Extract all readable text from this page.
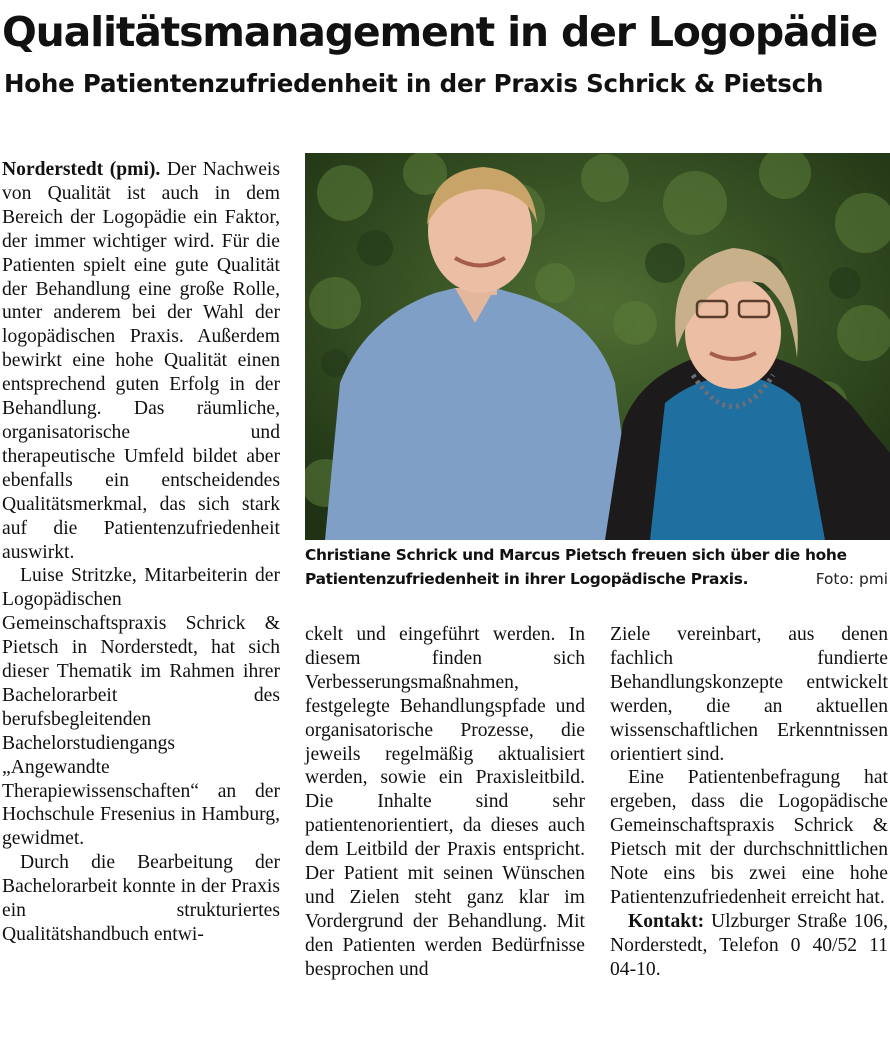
Qualitätsmanagement in der Logopädie
Hohe Patientenzufriedenheit in der Praxis Schrick & Pietsch

Norderstedt (pmi). Der Nachweis von Qualität ist auch in dem Bereich der Logopädie ein Faktor, der immer wichtiger wird. Für die Patienten spielt eine gute Qualität der Behandlung eine große Rolle, unter anderem bei der Wahl der logopädischen Praxis. Außerdem bewirkt eine hohe Qualität einen entsprechend guten Erfolg in der Behandlung. Das räumliche, organisatorische und therapeutische Umfeld bildet aber ebenfalls ein entscheidendes Qualitätsmerkmal, das sich stark auf die Patientenzufriedenheit auswirkt.

Luise Stritzke, Mitarbeiterin der Logopädischen Gemeinschaftspraxis Schrick & Pietsch in Norderstedt, hat sich dieser Thematik im Rahmen ihrer Bachelorarbeit des berufsbegleitenden Bachelorstudiengangs „Angewandte Therapiewissenschaften“ an der Hochschule Fresenius in Hamburg, gewidmet.

Durch die Bearbeitung der Bachelorarbeit konnte in der Praxis ein strukturiertes Qualitätshandbuch entwi-

Christiane Schrick und Marcus Pietsch freuen sich über die hohe
Patientenzufriedenheit in ihrer Logopädische Praxis.	Foto: pmi

ckelt und eingeführt werden. In diesem finden sich Verbesserungsmaßnahmen, festgelegte Behandlungspfade und organisatorische Prozesse, die jeweils regelmäßig aktualisiert werden, sowie ein Praxisleitbild. Die Inhalte sind sehr patientenorientiert, da dieses auch dem Leitbild der Praxis entspricht. Der Patient mit seinen Wünschen und Zielen steht ganz klar im Vordergrund der Behandlung. Mit den Patienten werden Bedürfnisse besprochen und

Ziele vereinbart, aus denen fachlich fundierte Behandlungskonzepte entwickelt werden, die an aktuellen wissenschaftlichen Erkenntnissen orientiert sind.

Eine Patientenbefragung hat ergeben, dass die Logopädische Gemeinschaftspraxis Schrick & Pietsch mit der durchschnittlichen Note eins bis zwei eine hohe Patientenzufriedenheit erreicht hat.

Kontakt: Ulzburger Straße 106, Norderstedt, Telefon 0 40/52 11 04-10.
